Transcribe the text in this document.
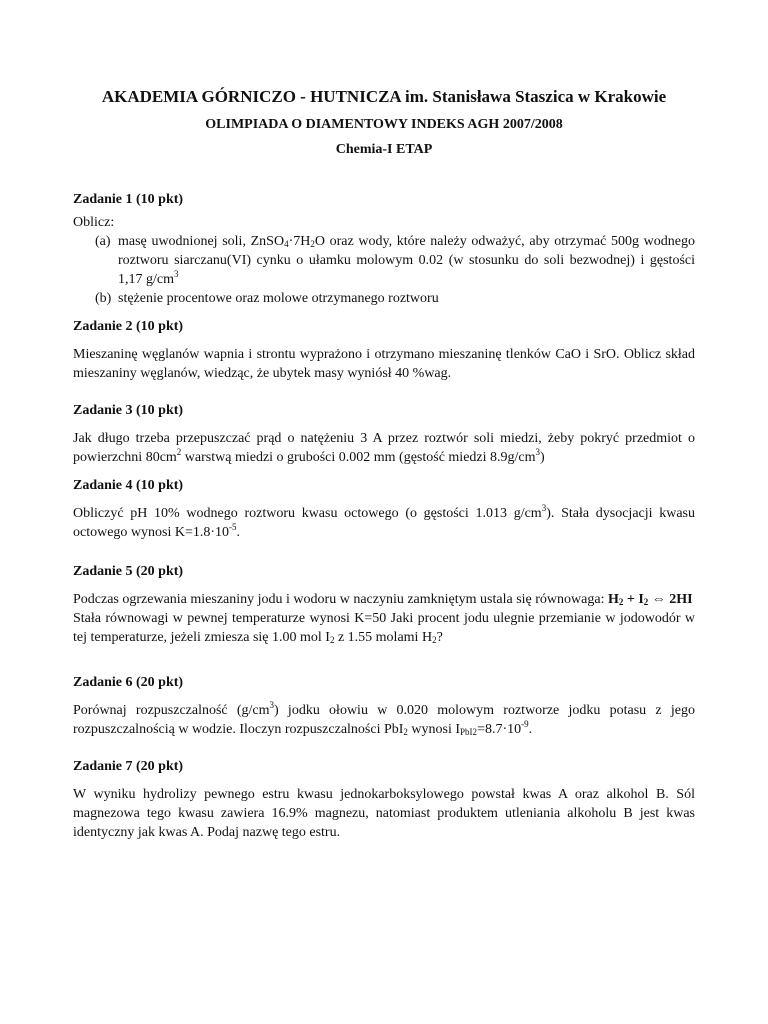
AKADEMIA GÓRNICZO - HUTNICZA im. Stanisława Staszica w Krakowie
OLIMPIADA O DIAMENTOWY INDEKS AGH 2007/2008
Chemia-I ETAP
Zadanie 1 (10 pkt)
Oblicz:
(a) masę uwodnionej soli, $ZnSO_4\cdot 7H_2O$ oraz wody, które należy odważyć, aby otrzymać 500g wodnego roztworu siarczanu(VI) cynku o ułamku molowym 0.02 (w stosunku do soli bezwodnej) i gęstości 1,17 $g/cm^3$
(b) stężenie procentowe oraz molowe otrzymanego roztworu
Zadanie 2 (10 pkt)
Mieszaninę węglanów wapnia i strontu wyprażono i otrzymano mieszaninę tlenków CaO i SrO. Oblicz skład mieszaniny węglanów, wiedząc, że ubytek masy wyniósł 40 %wag.
Zadanie 3 (10 pkt)
Jak długo trzeba przepuszczać prąd o natężeniu 3 A przez roztwór soli miedzi, żeby pokryć przedmiot o powierzchni $80cm^2$ warstwą miedzi o grubości 0.002 mm (gęstość miedzi $8.9g/cm^3$)
Zadanie 4 (10 pkt)
Obliczyć pH 10% wodnego roztworu kwasu octowego (o gęstości 1.013 $g/cm^3$). Stała dysocjacji kwasu octowego wynosi $K=1.8\cdot 10^{-5}$.
Zadanie 5 (20 pkt)
Podczas ogrzewania mieszaniny jodu i wodoru w naczyniu zamkniętym ustala się równowaga: $H_2 + I_2$ ⇔ 2HI
Stała równowagi w pewnej temperaturze wynosi K=50 Jaki procent jodu ulegnie przemianie w jodowodór w tej temperaturze, jeżeli zmiesza się 1.00 mol $I_2$ z 1.55 molami $H_2$?
Zadanie 6 (20 pkt)
Porównaj rozpuszczalność $(g/cm^3)$ jodku ołowiu w 0.020 molowym roztworze jodku potasu z jego rozpuszczalnością w wodzie. Iloczyn rozpuszczalności PbI$_2$ wynosi $I_{PbI2}=8.7\cdot 10^{-9}$.
Zadanie 7 (20 pkt)
W wyniku hydrolizy pewnego estru kwasu jednokarboksylowego powstał kwas A oraz alkohol B. Sól magnezowa tego kwasu zawiera 16.9% magnezu, natomiast produktem utleniania alkoholu B jest kwas identyczny jak kwas A. Podaj nazwę tego estru.
